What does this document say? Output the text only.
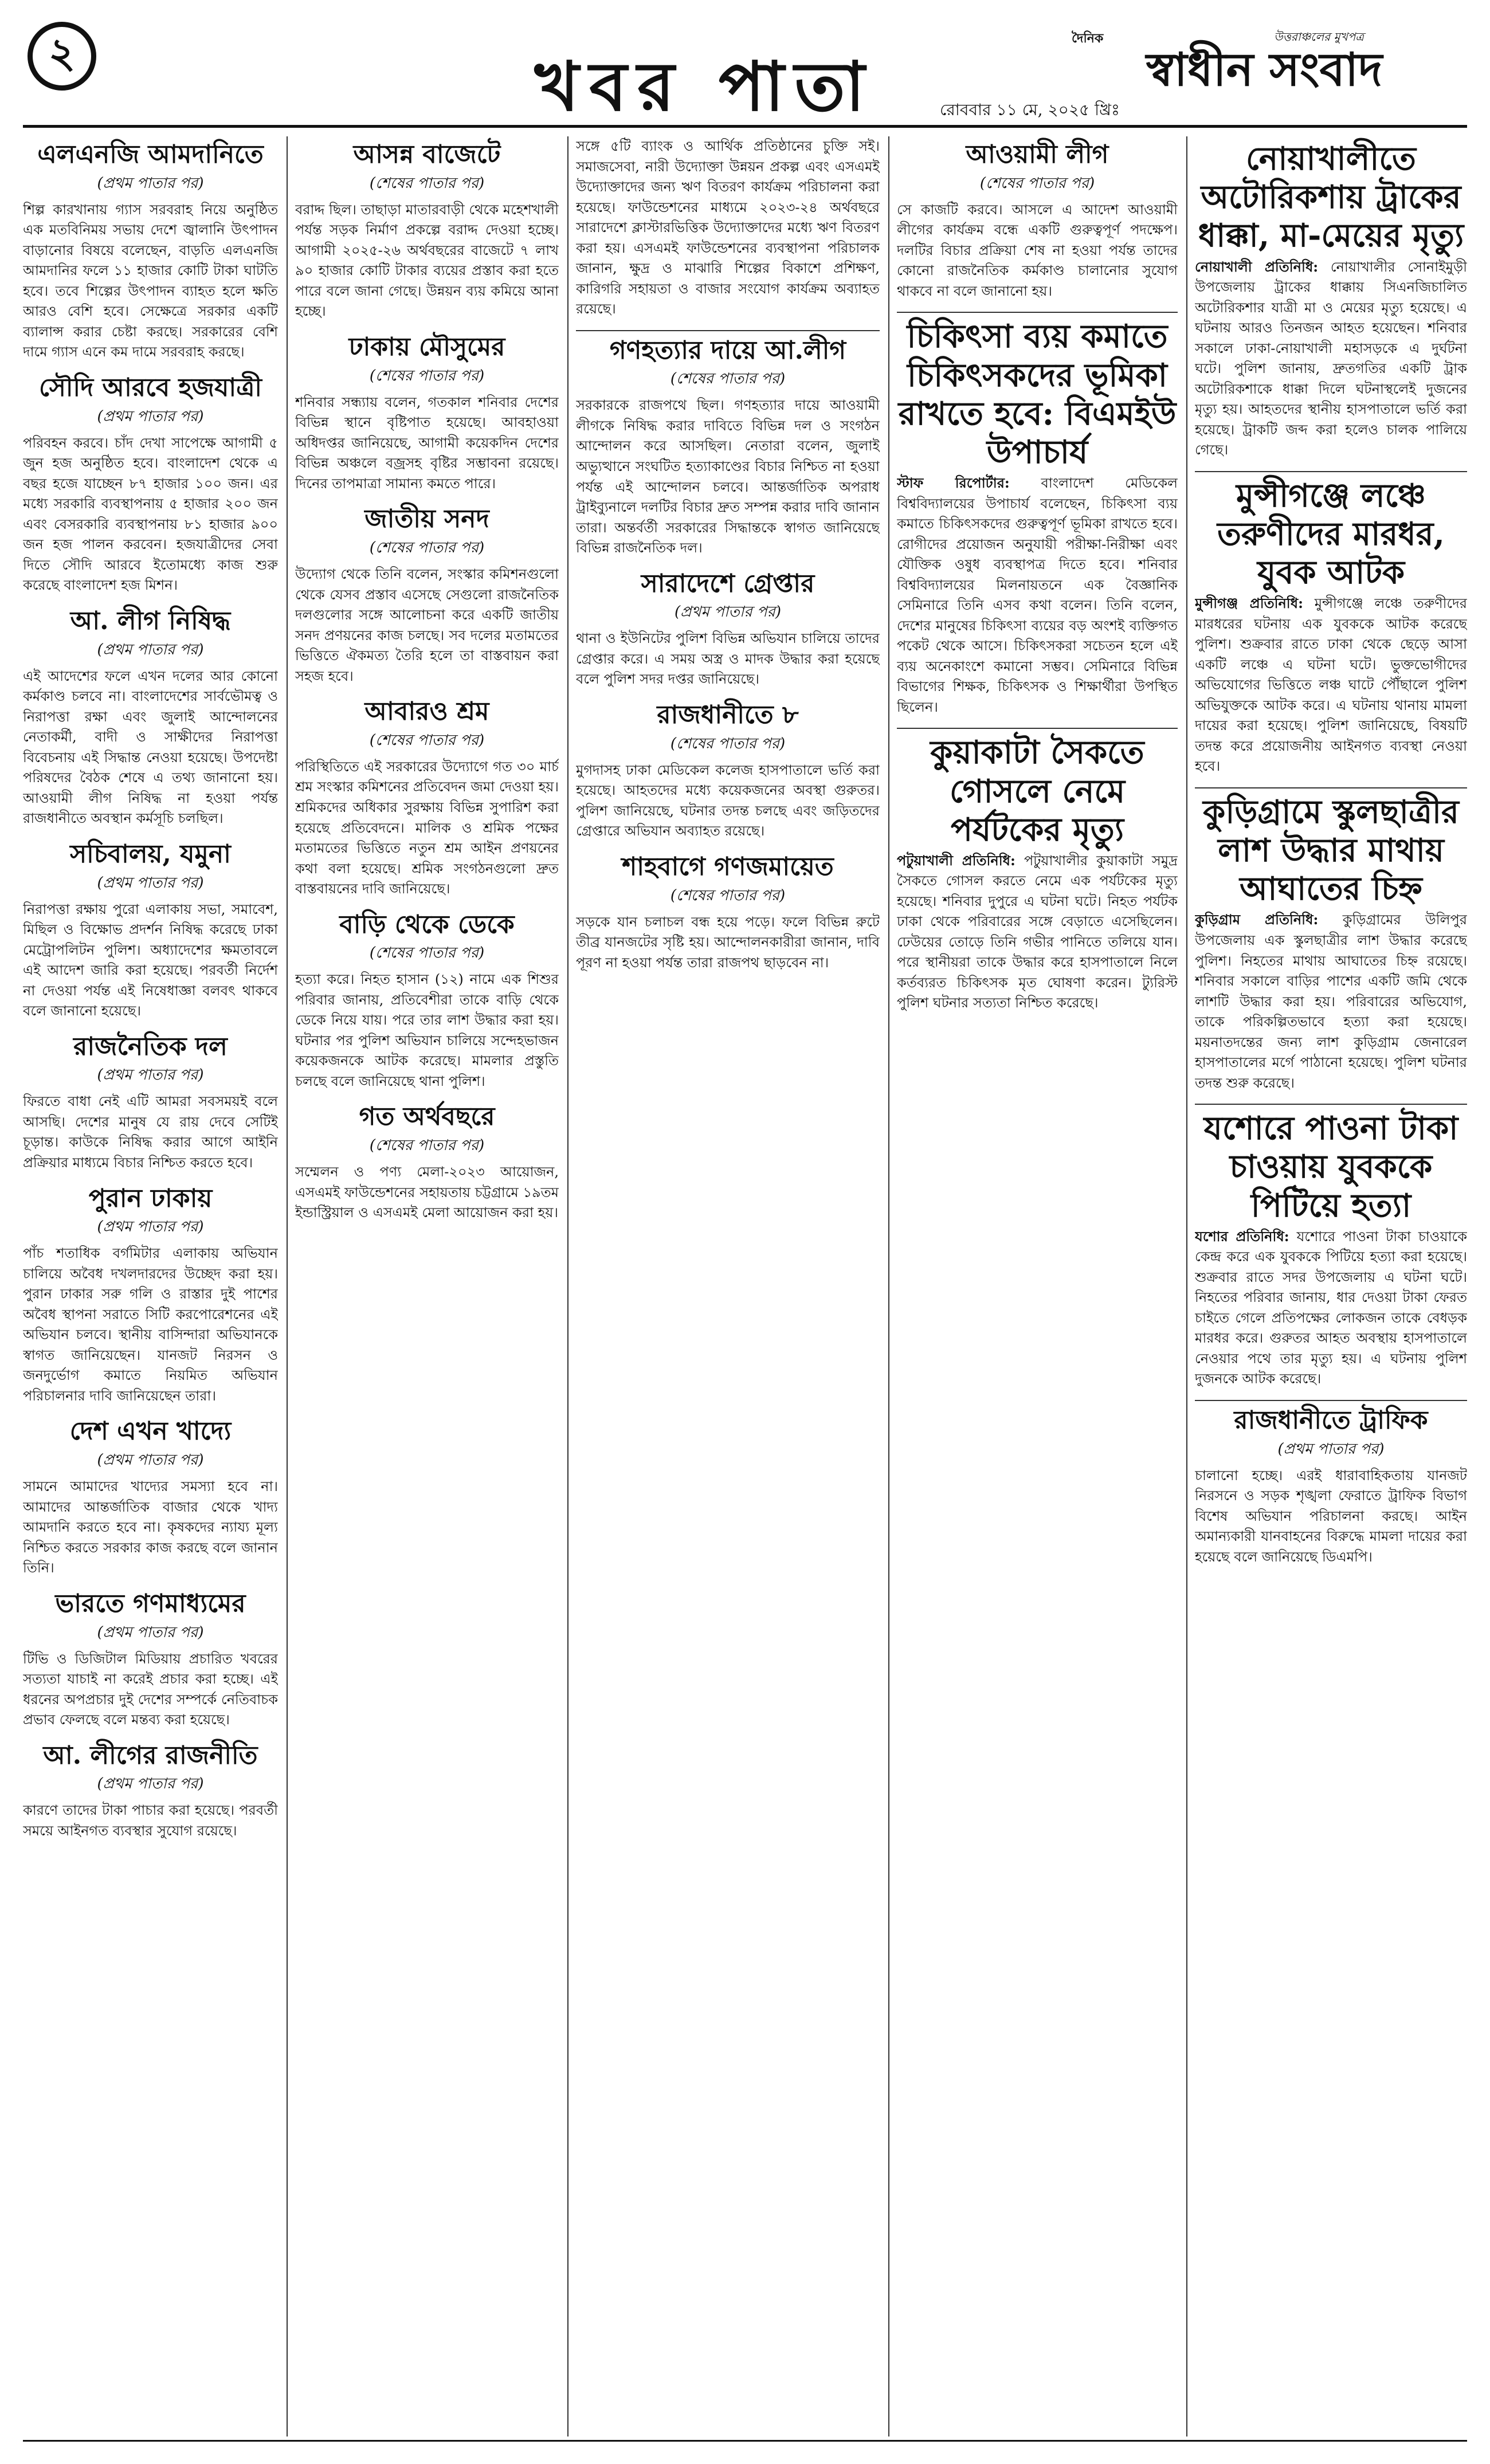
২	খবর পাতা
দৈনিক	উত্তরাঞ্চলের মুখপত্র
স্বাধীন সংবাদ
রোববার ১১ মে, ২০২৫ খ্রিঃ
এলএনজি আমদানিতে
(প্রথম পাতার পর)

শিল্প কারখানায় গ্যাস সরবরাহ নিয়ে অনুষ্ঠিত এক মতবিনিময় সভায় দেশে জ্বালানি উৎপাদন বাড়ানোর বিষয়ে বলেছেন, বাড়তি এলএনজি আমদানির ফলে ১১ হাজার কোটি টাকা ঘাটতি হবে। তবে শিল্পের উৎপাদন ব্যাহত হলে ক্ষতি আরও বেশি হবে। সেক্ষেত্রে সরকার একটি ব্যালান্স করার চেষ্টা করছে। সরকারের বেশি দামে গ্যাস এনে কম দামে সরবরাহ করছে।

সৌদি আরবে হজযাত্রী
(প্রথম পাতার পর)

পরিবহন করবে। চাঁদ দেখা সাপেক্ষে আগামী ৫ জুন হজ অনুষ্ঠিত হবে। বাংলাদেশ থেকে এ বছর হজে যাচ্ছেন ৮৭ হাজার ১০০ জন। এর মধ্যে সরকারি ব্যবস্থাপনায় ৫ হাজার ২০০ জন এবং বেসরকারি ব্যবস্থাপনায় ৮১ হাজার ৯০০ জন হজ পালন করবেন। হজযাত্রীদের সেবা দিতে সৌদি আরবে ইতোমধ্যে কাজ শুরু করেছে বাংলাদেশ হজ মিশন।

আ. লীগ নিষিদ্ধ
(প্রথম পাতার পর)

এই আদেশের ফলে এখন দলের আর কোনো কর্মকাণ্ড চলবে না। বাংলাদেশের সার্বভৌমত্ব ও নিরাপত্তা রক্ষা এবং জুলাই আন্দোলনের নেতাকর্মী, বাদী ও সাক্ষীদের নিরাপত্তা বিবেচনায় এই সিদ্ধান্ত নেওয়া হয়েছে। উপদেষ্টা পরিষদের বৈঠক শেষে এ তথ্য জানানো হয়। আওয়ামী লীগ নিষিদ্ধ না হওয়া পর্যন্ত রাজধানীতে অবস্থান কর্মসূচি চলছিল।

সচিবালয়, যমুনা
(প্রথম পাতার পর)

নিরাপত্তা রক্ষায় পুরো এলাকায় সভা, সমাবেশ, মিছিল ও বিক্ষোভ প্রদর্শন নিষিদ্ধ করেছে ঢাকা মেট্রোপলিটন পুলিশ। অধ্যাদেশের ক্ষমতাবলে এই আদেশ জারি করা হয়েছে। পরবর্তী নির্দেশ না দেওয়া পর্যন্ত এই নিষেধাজ্ঞা বলবৎ থাকবে বলে জানানো হয়েছে।

রাজনৈতিক দল
(প্রথম পাতার পর)

ফিরতে বাধা নেই এটি আমরা সবসময়ই বলে আসছি। দেশের মানুষ যে রায় দেবে সেটিই চূড়ান্ত। কাউকে নিষিদ্ধ করার আগে আইনি প্রক্রিয়ার মাধ্যমে বিচার নিশ্চিত করতে হবে।

পুরান ঢাকায়
(প্রথম পাতার পর)

পাঁচ শতাধিক বর্গমিটার এলাকায় অভিযান চালিয়ে অবৈধ দখলদারদের উচ্ছেদ করা হয়। পুরান ঢাকার সরু গলি ও রাস্তার দুই পাশের অবৈধ স্থাপনা সরাতে সিটি করপোরেশনের এই অভিযান চলবে। স্থানীয় বাসিন্দারা অভিযানকে স্বাগত জানিয়েছেন। যানজট নিরসন ও জনদুর্ভোগ কমাতে নিয়মিত অভিযান পরিচালনার দাবি জানিয়েছেন তারা।

দেশ এখন খাদ্যে
(প্রথম পাতার পর)

সামনে আমাদের খাদ্যের সমস্যা হবে না। আমাদের আন্তর্জাতিক বাজার থেকে খাদ্য আমদানি করতে হবে না। কৃষকদের ন্যায্য মূল্য নিশ্চিত করতে সরকার কাজ করছে বলে জানান তিনি।

ভারতে গণমাধ্যমের
(প্রথম পাতার পর)

টিভি ও ডিজিটাল মিডিয়ায় প্রচারিত খবরের সত্যতা যাচাই না করেই প্রচার করা হচ্ছে। এই ধরনের অপপ্রচার দুই দেশের সম্পর্কে নেতিবাচক প্রভাব ফেলছে বলে মন্তব্য করা হয়েছে।

আ. লীগের রাজনীতি
(প্রথম পাতার পর)

কারণে তাদের টাকা পাচার করা হয়েছে। পরবর্তী সময়ে আইনগত ব্যবস্থার সুযোগ রয়েছে।

আসন্ন বাজেটে
(শেষের পাতার পর)

বরাদ্দ ছিল। তাছাড়া মাতারবাড়ী থেকে মহেশখালী পর্যন্ত সড়ক নির্মাণ প্রকল্পে বরাদ্দ দেওয়া হচ্ছে। আগামী ২০২৫-২৬ অর্থবছরের বাজেটে ৭ লাখ ৯০ হাজার কোটি টাকার ব্যয়ের প্রস্তাব করা হতে পারে বলে জানা গেছে। উন্নয়ন ব্যয় কমিয়ে আনা হচ্ছে।

ঢাকায় মৌসুমের
(শেষের পাতার পর)

শনিবার সন্ধ্যায় বলেন, গতকাল শনিবার দেশের বিভিন্ন স্থানে বৃষ্টিপাত হয়েছে। আবহাওয়া অধিদপ্তর জানিয়েছে, আগামী কয়েকদিন দেশের বিভিন্ন অঞ্চলে বজ্রসহ বৃষ্টির সম্ভাবনা রয়েছে। দিনের তাপমাত্রা সামান্য কমতে পারে।

জাতীয় সনদ
(শেষের পাতার পর)

উদ্যোগ থেকে তিনি বলেন, সংস্কার কমিশনগুলো থেকে যেসব প্রস্তাব এসেছে সেগুলো রাজনৈতিক দলগুলোর সঙ্গে আলোচনা করে একটি জাতীয় সনদ প্রণয়নের কাজ চলছে। সব দলের মতামতের ভিত্তিতে ঐকমত্য তৈরি হলে তা বাস্তবায়ন করা সহজ হবে।

আবারও শ্রম
(শেষের পাতার পর)

পরিস্থিতিতে এই সরকারের উদ্যোগে গত ৩০ মার্চ শ্রম সংস্কার কমিশনের প্রতিবেদন জমা দেওয়া হয়। শ্রমিকদের অধিকার সুরক্ষায় বিভিন্ন সুপারিশ করা হয়েছে প্রতিবেদনে। মালিক ও শ্রমিক পক্ষের মতামতের ভিত্তিতে নতুন শ্রম আইন প্রণয়নের কথা বলা হয়েছে। শ্রমিক সংগঠনগুলো দ্রুত বাস্তবায়নের দাবি জানিয়েছে।

বাড়ি থেকে ডেকে
(শেষের পাতার পর)

হত্যা করে। নিহত হাসান (১২) নামে এক শিশুর পরিবার জানায়, প্রতিবেশীরা তাকে বাড়ি থেকে ডেকে নিয়ে যায়। পরে তার লাশ উদ্ধার করা হয়। ঘটনার পর পুলিশ অভিযান চালিয়ে সন্দেহভাজন কয়েকজনকে আটক করেছে। মামলার প্রস্তুতি চলছে বলে জানিয়েছে থানা পুলিশ।

গত অর্থবছরে
(শেষের পাতার পর)

সম্মেলন ও পণ্য মেলা-২০২৩ আয়োজন, এসএমই ফাউন্ডেশনের সহায়তায় চট্টগ্রামে ১৯তম ইন্ডাস্ট্রিয়াল ও এসএমই মেলা আয়োজন করা হয়।

সঙ্গে ৫টি ব্যাংক ও আর্থিক প্রতিষ্ঠানের চুক্তি সই। সমাজসেবা, নারী উদ্যোক্তা উন্নয়ন প্রকল্প এবং এসএমই উদ্যোক্তাদের জন্য ঋণ বিতরণ কার্যক্রম পরিচালনা করা হয়েছে। ফাউন্ডেশনের মাধ্যমে ২০২৩-২৪ অর্থবছরে সারাদেশে ক্লাস্টারভিত্তিক উদ্যোক্তাদের মধ্যে ঋণ বিতরণ করা হয়। এসএমই ফাউন্ডেশনের ব্যবস্থাপনা পরিচালক জানান, ক্ষুদ্র ও মাঝারি শিল্পের বিকাশে প্রশিক্ষণ, কারিগরি সহায়তা ও বাজার সংযোগ কার্যক্রম অব্যাহত রয়েছে।

গণহত্যার দায়ে আ.লীগ
(শেষের পাতার পর)

সরকারকে রাজপথে ছিল। গণহত্যার দায়ে আওয়ামী লীগকে নিষিদ্ধ করার দাবিতে বিভিন্ন দল ও সংগঠন আন্দোলন করে আসছিল। নেতারা বলেন, জুলাই অভ্যুত্থানে সংঘটিত হত্যাকাণ্ডের বিচার নিশ্চিত না হওয়া পর্যন্ত এই আন্দোলন চলবে। আন্তর্জাতিক অপরাধ ট্রাইব্যুনালে দলটির বিচার দ্রুত সম্পন্ন করার দাবি জানান তারা। অন্তর্বর্তী সরকারের সিদ্ধান্তকে স্বাগত জানিয়েছে বিভিন্ন রাজনৈতিক দল।

সারাদেশে গ্রেপ্তার
(প্রথম পাতার পর)

থানা ও ইউনিটের পুলিশ বিভিন্ন অভিযান চালিয়ে তাদের গ্রেপ্তার করে। এ সময় অস্ত্র ও মাদক উদ্ধার করা হয়েছে বলে পুলিশ সদর দপ্তর জানিয়েছে।

রাজধানীতে ৮
(শেষের পাতার পর)

মুগদাসহ ঢাকা মেডিকেল কলেজ হাসপাতালে ভর্তি করা হয়েছে। আহতদের মধ্যে কয়েকজনের অবস্থা গুরুতর। পুলিশ জানিয়েছে, ঘটনার তদন্ত চলছে এবং জড়িতদের গ্রেপ্তারে অভিযান অব্যাহত রয়েছে।

শাহবাগে গণজমায়েত
(শেষের পাতার পর)

সড়কে যান চলাচল বন্ধ হয়ে পড়ে। ফলে বিভিন্ন রুটে তীব্র যানজটের সৃষ্টি হয়। আন্দোলনকারীরা জানান, দাবি পূরণ না হওয়া পর্যন্ত তারা রাজপথ ছাড়বেন না।

আওয়ামী লীগ
(শেষের পাতার পর)

সে কাজটি করবে। আসলে এ আদেশ আওয়ামী লীগের কার্যক্রম বন্ধে একটি গুরুত্বপূর্ণ পদক্ষেপ। দলটির বিচার প্রক্রিয়া শেষ না হওয়া পর্যন্ত তাদের কোনো রাজনৈতিক কর্মকাণ্ড চালানোর সুযোগ থাকবে না বলে জানানো হয়।

চিকিৎসা ব্যয় কমাতে চিকিৎসকদের ভূমিকা রাখতে হবে: বিএমইউ উপাচার্য

স্টাফ রিপোর্টার: বাংলাদেশ মেডিকেল বিশ্ববিদ্যালয়ের উপাচার্য বলেছেন, চিকিৎসা ব্যয় কমাতে চিকিৎসকদের গুরুত্বপূর্ণ ভূমিকা রাখতে হবে। রোগীদের প্রয়োজন অনুযায়ী পরীক্ষা-নিরীক্ষা এবং যৌক্তিক ওষুধ ব্যবস্থাপত্র দিতে হবে। শনিবার বিশ্ববিদ্যালয়ের মিলনায়তনে এক বৈজ্ঞানিক সেমিনারে তিনি এসব কথা বলেন। তিনি বলেন, দেশের মানুষের চিকিৎসা ব্যয়ের বড় অংশই ব্যক্তিগত পকেট থেকে আসে। চিকিৎসকরা সচেতন হলে এই ব্যয় অনেকাংশে কমানো সম্ভব। সেমিনারে বিভিন্ন বিভাগের শিক্ষক, চিকিৎসক ও শিক্ষার্থীরা উপস্থিত ছিলেন।

কুয়াকাটা সৈকতে গোসলে নেমে পর্যটকের মৃত্যু

পটুয়াখালী প্রতিনিধি: পটুয়াখালীর কুয়াকাটা সমুদ্র সৈকতে গোসল করতে নেমে এক পর্যটকের মৃত্যু হয়েছে। শনিবার দুপুরে এ ঘটনা ঘটে। নিহত পর্যটক ঢাকা থেকে পরিবারের সঙ্গে বেড়াতে এসেছিলেন। ঢেউয়ের তোড়ে তিনি গভীর পানিতে তলিয়ে যান। পরে স্থানীয়রা তাকে উদ্ধার করে হাসপাতালে নিলে কর্তব্যরত চিকিৎসক মৃত ঘোষণা করেন। ট্যুরিস্ট পুলিশ ঘটনার সত্যতা নিশ্চিত করেছে।

নোয়াখালীতে অটোরিকশায় ট্রাকের ধাক্কা, মা-মেয়ের মৃত্যু

নোয়াখালী প্রতিনিধি: নোয়াখালীর সোনাইমুড়ী উপজেলায় ট্রাকের ধাক্কায় সিএনজিচালিত অটোরিকশার যাত্রী মা ও মেয়ের মৃত্যু হয়েছে। এ ঘটনায় আরও তিনজন আহত হয়েছেন। শনিবার সকালে ঢাকা-নোয়াখালী মহাসড়কে এ দুর্ঘটনা ঘটে। পুলিশ জানায়, দ্রুতগতির একটি ট্রাক অটোরিকশাকে ধাক্কা দিলে ঘটনাস্থলেই দুজনের মৃত্যু হয়। আহতদের স্থানীয় হাসপাতালে ভর্তি করা হয়েছে। ট্রাকটি জব্দ করা হলেও চালক পালিয়ে গেছে।

মুন্সীগঞ্জে লঞ্চে তরুণীদের মারধর, যুবক আটক

মুন্সীগঞ্জ প্রতিনিধি: মুন্সীগঞ্জে লঞ্চে তরুণীদের মারধরের ঘটনায় এক যুবককে আটক করেছে পুলিশ। শুক্রবার রাতে ঢাকা থেকে ছেড়ে আসা একটি লঞ্চে এ ঘটনা ঘটে। ভুক্তভোগীদের অভিযোগের ভিত্তিতে লঞ্চ ঘাটে পৌঁছালে পুলিশ অভিযুক্তকে আটক করে। এ ঘটনায় থানায় মামলা দায়ের করা হয়েছে। পুলিশ জানিয়েছে, বিষয়টি তদন্ত করে প্রয়োজনীয় আইনগত ব্যবস্থা নেওয়া হবে।

কুড়িগ্রামে স্কুলছাত্রীর লাশ উদ্ধার মাথায় আঘাতের চিহ্ন

কুড়িগ্রাম প্রতিনিধি: কুড়িগ্রামের উলিপুর উপজেলায় এক স্কুলছাত্রীর লাশ উদ্ধার করেছে পুলিশ। নিহতের মাথায় আঘাতের চিহ্ন রয়েছে। শনিবার সকালে বাড়ির পাশের একটি জমি থেকে লাশটি উদ্ধার করা হয়। পরিবারের অভিযোগ, তাকে পরিকল্পিতভাবে হত্যা করা হয়েছে। ময়নাতদন্তের জন্য লাশ কুড়িগ্রাম জেনারেল হাসপাতালের মর্গে পাঠানো হয়েছে। পুলিশ ঘটনার তদন্ত শুরু করেছে।

যশোরে পাওনা টাকা চাওয়ায় যুবককে পিটিয়ে হত্যা

যশোর প্রতিনিধি: যশোরে পাওনা টাকা চাওয়াকে কেন্দ্র করে এক যুবককে পিটিয়ে হত্যা করা হয়েছে। শুক্রবার রাতে সদর উপজেলায় এ ঘটনা ঘটে। নিহতের পরিবার জানায়, ধার দেওয়া টাকা ফেরত চাইতে গেলে প্রতিপক্ষের লোকজন তাকে বেধড়ক মারধর করে। গুরুতর আহত অবস্থায় হাসপাতালে নেওয়ার পথে তার মৃত্যু হয়। এ ঘটনায় পুলিশ দুজনকে আটক করেছে।

রাজধানীতে ট্রাফিক
(প্রথম পাতার পর)

চালানো হচ্ছে। এরই ধারাবাহিকতায় যানজট নিরসনে ও সড়ক শৃঙ্খলা ফেরাতে ট্রাফিক বিভাগ বিশেষ অভিযান পরিচালনা করছে। আইন অমান্যকারী যানবাহনের বিরুদ্ধে মামলা দায়ের করা হয়েছে বলে জানিয়েছে ডিএমপি।
